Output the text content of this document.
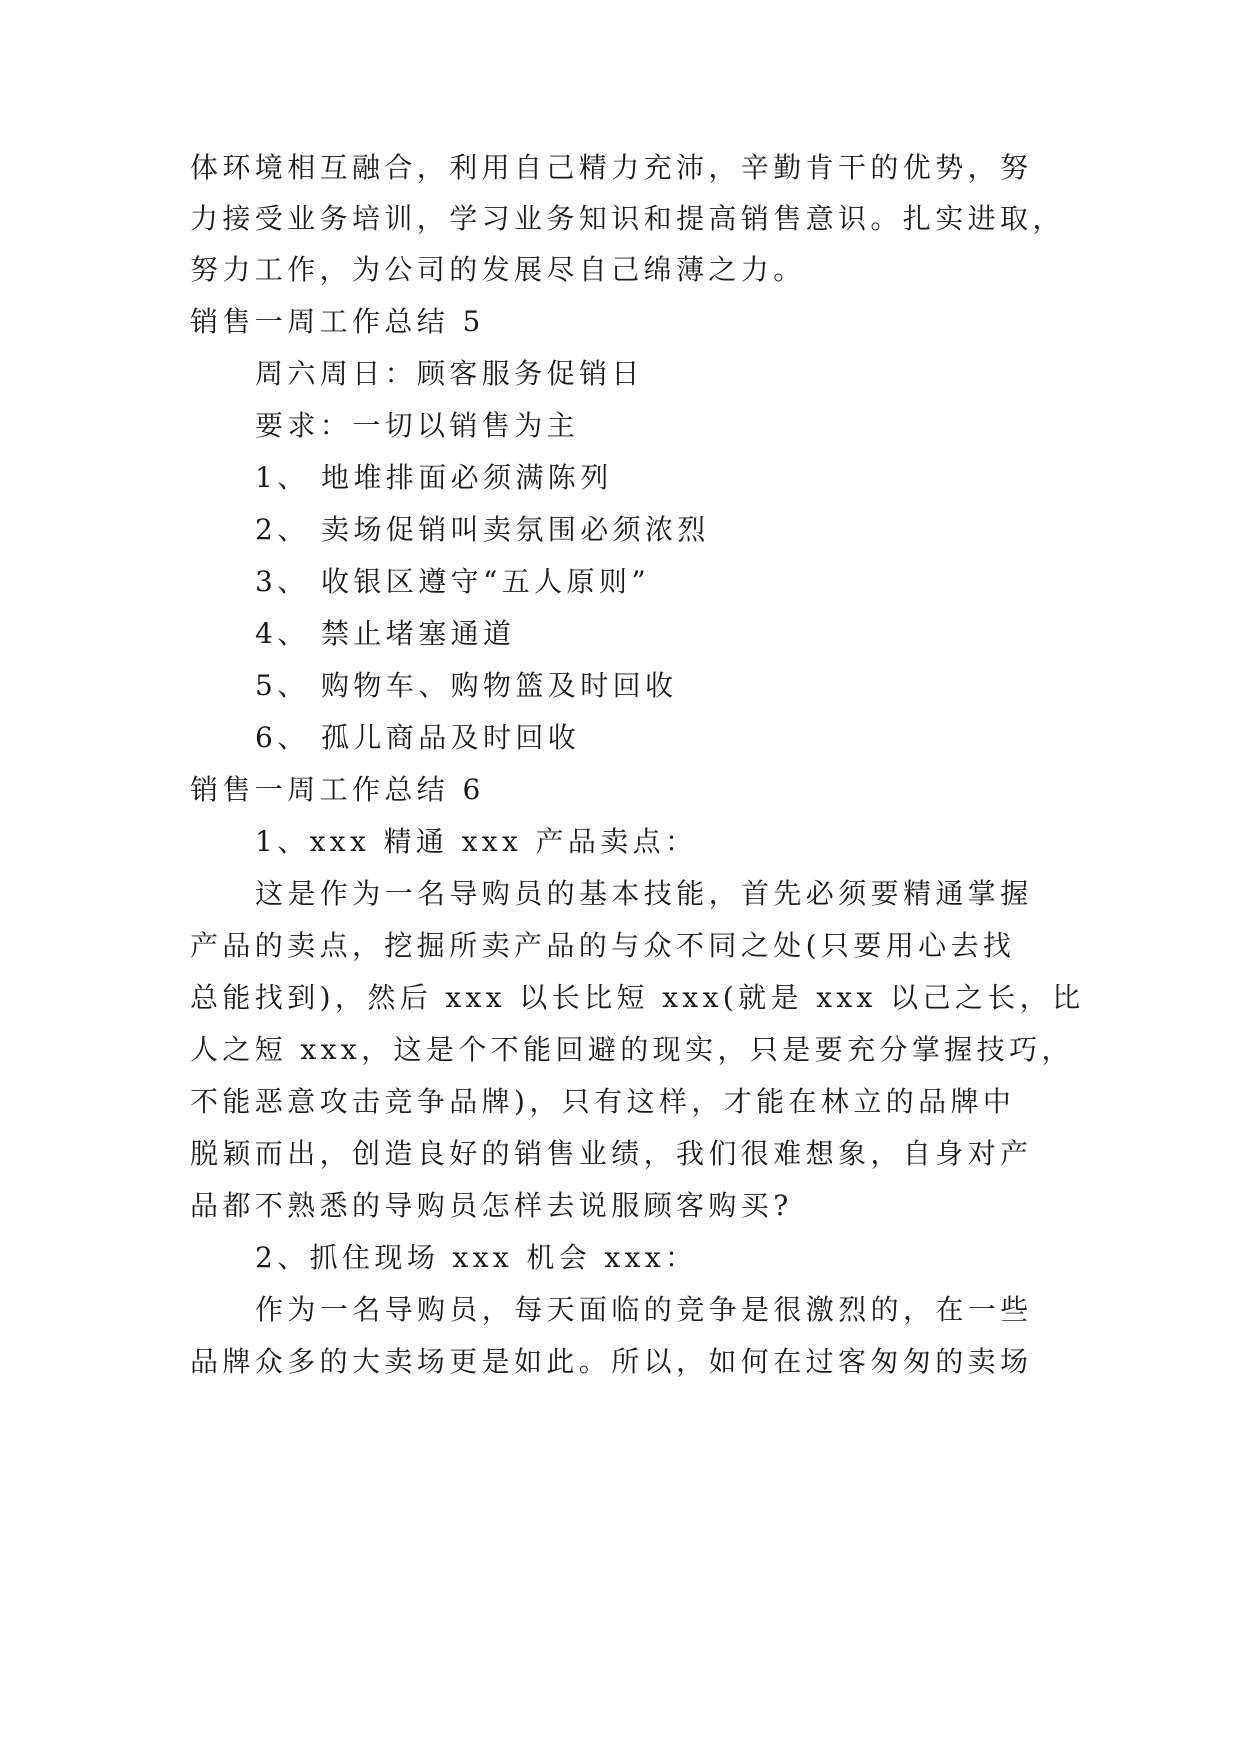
体环境相互融合，利用自己精力充沛，辛勤肯干的优势，努
力接受业务培训，学习业务知识和提高销售意识。扎实进取，
努力工作，为公司的发展尽自己绵薄之力。
销售一周工作总结 5
周六周日：顾客服务促销日
要求：一切以销售为主
1、 地堆排面必须满陈列
2、 卖场促销叫卖氛围必须浓烈
3、 收银区遵守“五人原则”
4、 禁止堵塞通道
5、 购物车、购物篮及时回收
6、 孤儿商品及时回收
销售一周工作总结 6
1、xxx 精通 xxx 产品卖点：
这是作为一名导购员的基本技能，首先必须要精通掌握
产品的卖点，挖掘所卖产品的与众不同之处(只要用心去找
总能找到)，然后 xxx 以长比短 xxx(就是 xxx 以己之长，比
人之短 xxx，这是个不能回避的现实，只是要充分掌握技巧，
不能恶意攻击竞争品牌)，只有这样，才能在林立的品牌中
脱颖而出，创造良好的销售业绩，我们很难想象，自身对产
品都不熟悉的导购员怎样去说服顾客购买?
2、抓住现场 xxx 机会 xxx：
作为一名导购员，每天面临的竞争是很激烈的，在一些
品牌众多的大卖场更是如此。所以，如何在过客匆匆的卖场
